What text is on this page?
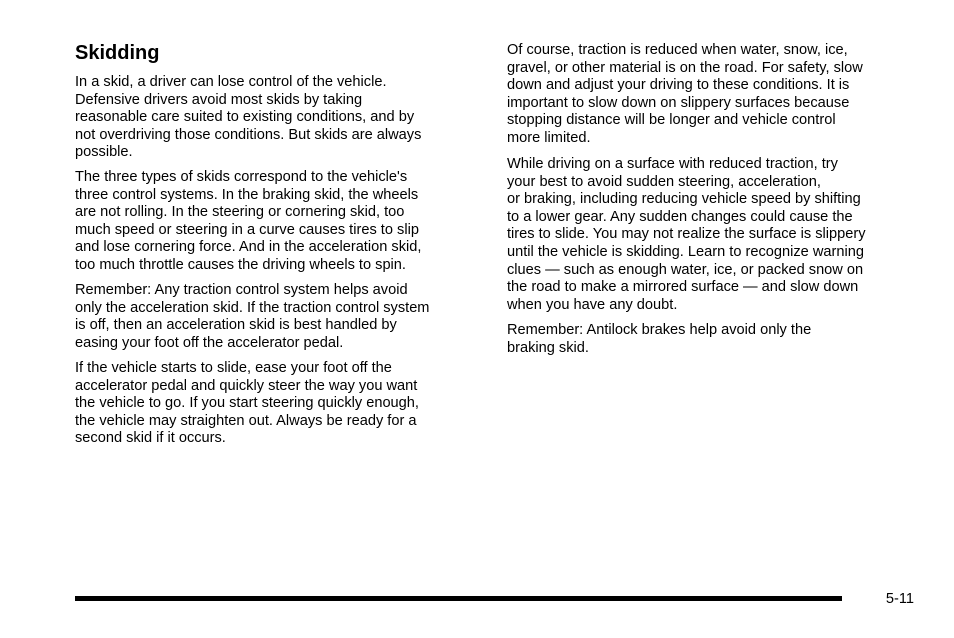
Skidding

In a skid, a driver can lose control of the vehicle.
Defensive drivers avoid most skids by taking
reasonable care suited to existing conditions, and by
not overdriving those conditions. But skids are always
possible.

The three types of skids correspond to the vehicle's
three control systems. In the braking skid, the wheels
are not rolling. In the steering or cornering skid, too
much speed or steering in a curve causes tires to slip
and lose cornering force. And in the acceleration skid,
too much throttle causes the driving wheels to spin.

Remember: Any traction control system helps avoid
only the acceleration skid. If the traction control system
is off, then an acceleration skid is best handled by
easing your foot off the accelerator pedal.

If the vehicle starts to slide, ease your foot off the
accelerator pedal and quickly steer the way you want
the vehicle to go. If you start steering quickly enough,
the vehicle may straighten out. Always be ready for a
second skid if it occurs.

Of course, traction is reduced when water, snow, ice,
gravel, or other material is on the road. For safety, slow
down and adjust your driving to these conditions. It is
important to slow down on slippery surfaces because
stopping distance will be longer and vehicle control
more limited.

While driving on a surface with reduced traction, try
your best to avoid sudden steering, acceleration,
or braking, including reducing vehicle speed by shifting
to a lower gear. Any sudden changes could cause the
tires to slide. You may not realize the surface is slippery
until the vehicle is skidding. Learn to recognize warning
clues — such as enough water, ice, or packed snow on
the road to make a mirrored surface — and slow down
when you have any doubt.

Remember: Antilock brakes help avoid only the
braking skid.

5-11
